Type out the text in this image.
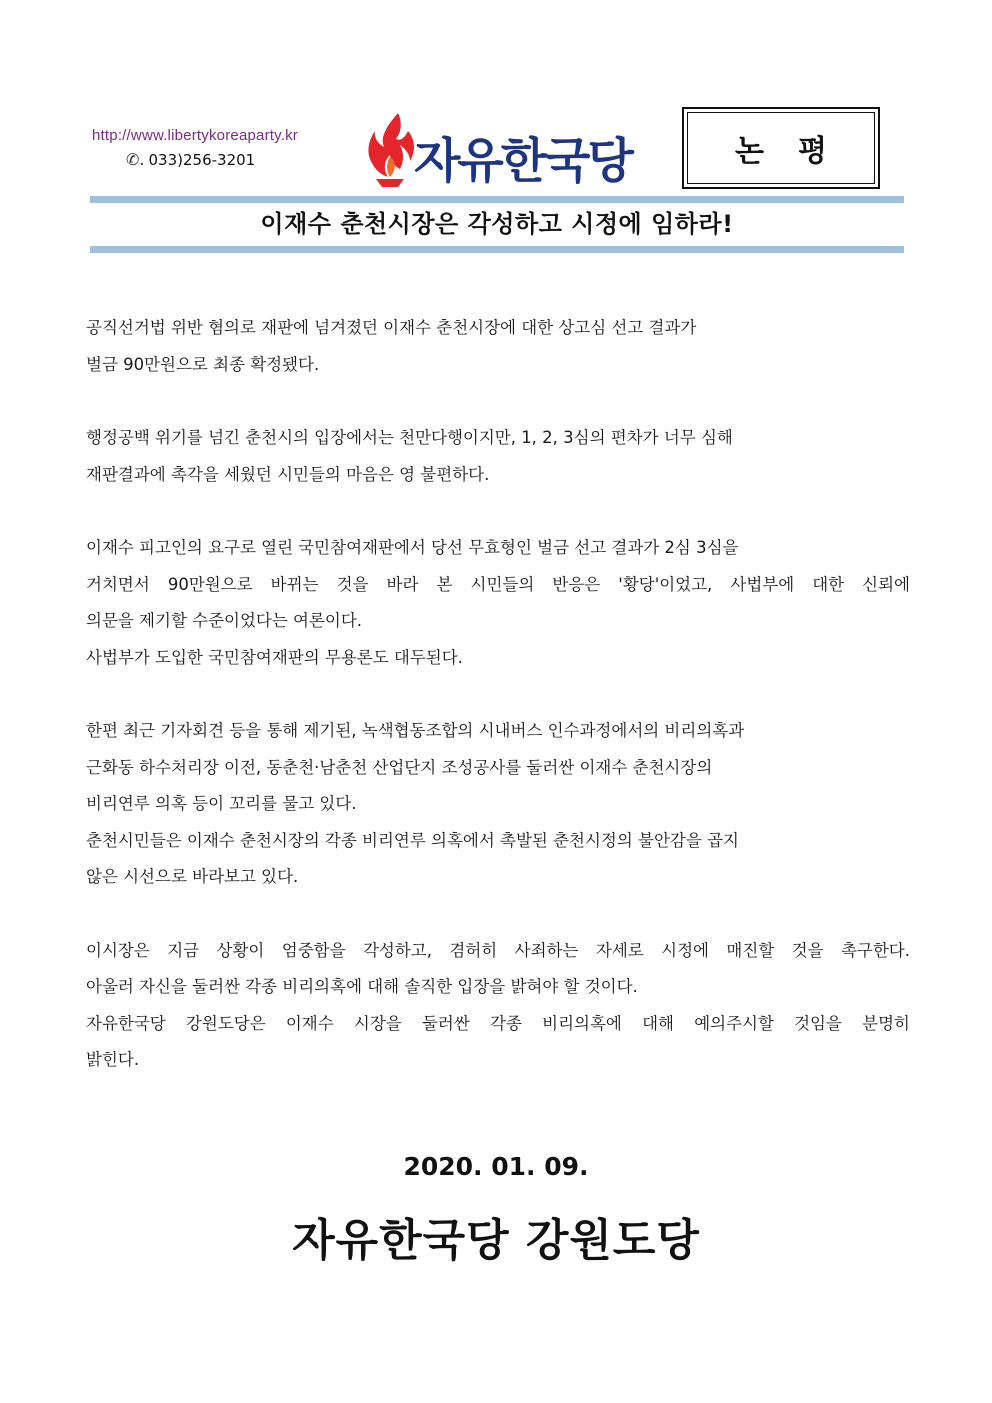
http://www.libertykoreaparty.kr
✆. 033)256-3201	자유한국당	논평
이재수 춘천시장은 각성하고 시정에 임하라!
공직선거법 위반 혐의로 재판에 넘겨졌던 이재수 춘천시장에 대한 상고심 선고 결과가
벌금 90만원으로 최종 확정됐다.
행정공백 위기를 넘긴 춘천시의 입장에서는 천만다행이지만, 1, 2, 3심의 편차가 너무 심해
재판결과에 촉각을 세웠던 시민들의 마음은 영 불편하다.
이재수 피고인의 요구로 열린 국민참여재판에서 당선 무효형인 벌금 선고 결과가 2심 3심을
거치면서 90만원으로 바뀌는 것을 바라 본 시민들의 반응은 '황당'이었고, 사법부에 대한 신뢰에
의문을 제기할 수준이었다는 여론이다.
사법부가 도입한 국민참여재판의 무용론도 대두된다.
한편 최근 기자회견 등을 통해 제기된, 녹색협동조합의 시내버스 인수과정에서의 비리의혹과
근화동 하수처리장 이전, 동춘천·남춘천 산업단지 조성공사를 둘러싼 이재수 춘천시장의
비리연루 의혹 등이 꼬리를 물고 있다.
춘천시민들은 이재수 춘천시장의 각종 비리연루 의혹에서 촉발된 춘천시정의 불안감을 곱지
않은 시선으로 바라보고 있다.
이시장은 지금 상황이 엄중함을 각성하고, 겸허히 사죄하는 자세로 시정에 매진할 것을 촉구한다.
아울러 자신을 둘러싼 각종 비리의혹에 대해 솔직한 입장을 밝혀야 할 것이다.
자유한국당 강원도당은 이재수 시장을 둘러싼 각종 비리의혹에 대해 예의주시할 것임을 분명히
밝힌다.
2020. 01. 09.
자유한국당 강원도당
